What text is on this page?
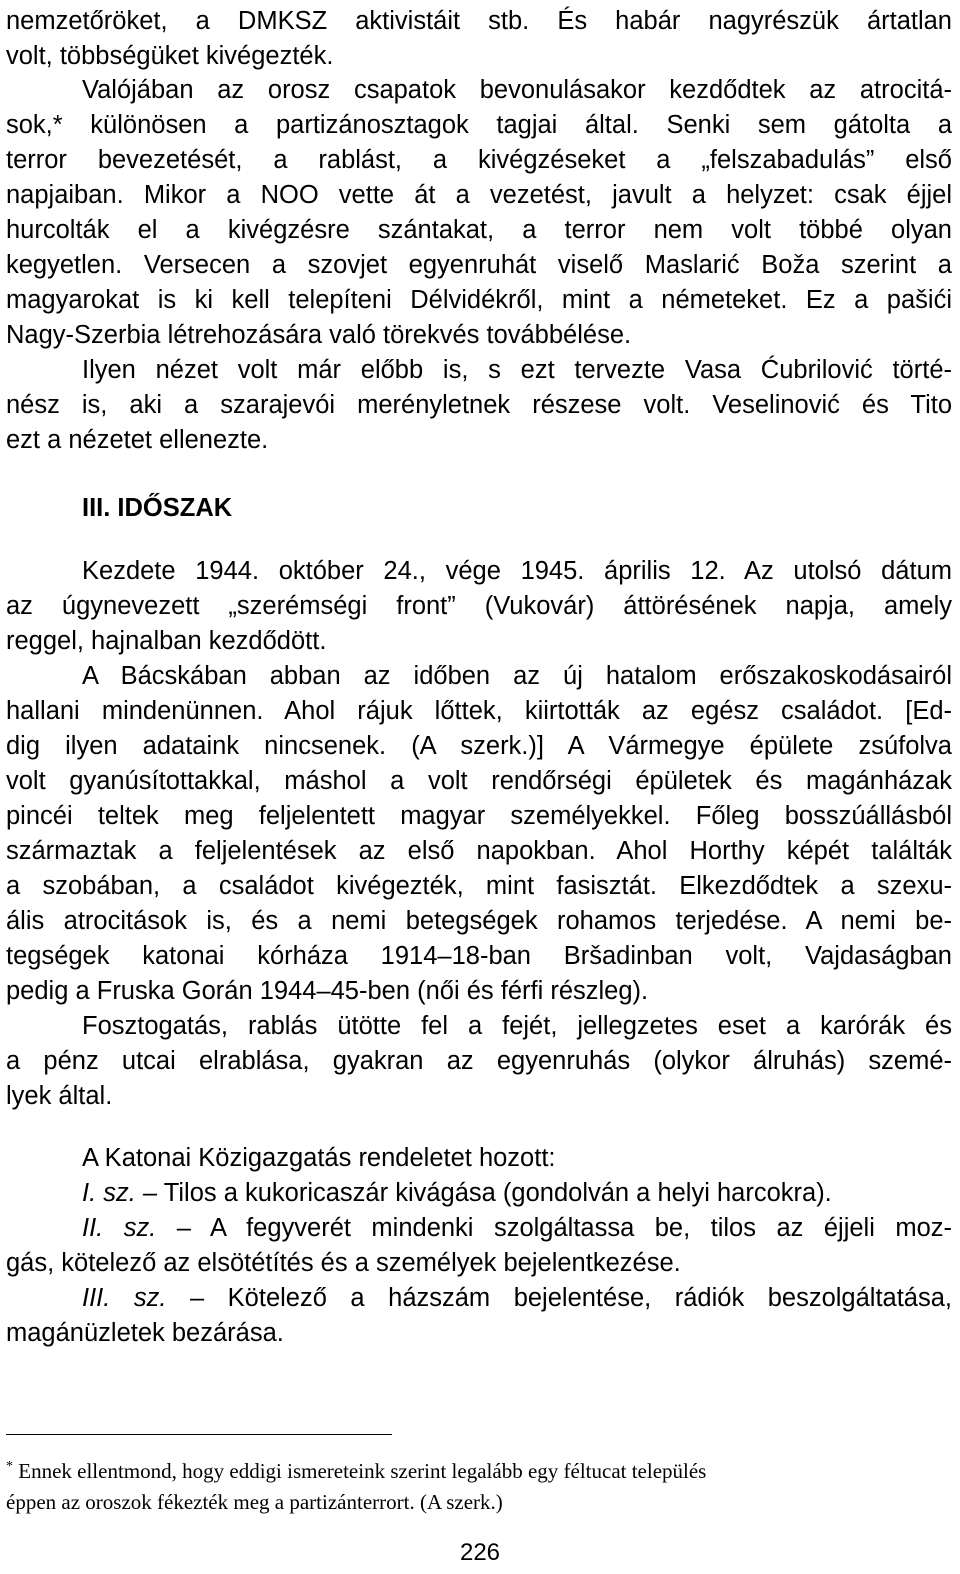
nemzetőröket, a DMKSZ aktivistáit stb. És habár nagyrészük ártatlan
volt, többségüket kivégezték.
Valójában az orosz csapatok bevonulásakor kezdődtek az atrocitá-
sok,* különösen a partizánosztagok tagjai által. Senki sem gátolta a
terror bevezetését, a rablást, a kivégzéseket a „felszabadulás” első
napjaiban. Mikor a NOO vette át a vezetést, javult a helyzet: csak éjjel
hurcolták el a kivégzésre szántakat, a terror nem volt többé olyan
kegyetlen. Versecen a szovjet egyenruhát viselő Maslarić Boža szerint a
magyarokat is ki kell telepíteni Délvidékről, mint a németeket. Ez a pašići
Nagy-Szerbia létrehozására való törekvés továbbélése.
Ilyen nézet volt már előbb is, s ezt tervezte Vasa Ćubrilović törté-
nész is, aki a szarajevói merényletnek részese volt. Veselinović és Tito
ezt a nézetet ellenezte.
III. IDŐSZAK
Kezdete 1944. október 24., vége 1945. április 12. Az utolsó dátum
az úgynevezett „szerémségi front” (Vukovár) áttörésének napja, amely
reggel, hajnalban kezdődött.
A Bácskában abban az időben az új hatalom erőszakoskodásairól
hallani mindenünnen. Ahol rájuk lőttek, kiirtották az egész családot. [Ed-
dig ilyen adataink nincsenek. (A szerk.)] A Vármegye épülete zsúfolva
volt gyanúsítottakkal, máshol a volt rendőrségi épületek és magánházak
pincéi teltek meg feljelentett magyar személyekkel. Főleg bosszúállásból
származtak a feljelentések az első napokban. Ahol Horthy képét találták
a szobában, a családot kivégezték, mint fasisztát. Elkezdődtek a szexu-
ális atrocitások is, és a nemi betegségek rohamos terjedése. A nemi be-
tegségek katonai kórháza 1914–18-ban Bršadinban volt, Vajdaságban
pedig a Fruska Gorán 1944–45-ben (női és férfi részleg).
Fosztogatás, rablás ütötte fel a fejét, jellegzetes eset a karórák és
a pénz utcai elrablása, gyakran az egyenruhás (olykor álruhás) szemé-
lyek által.
A Katonai Közigazgatás rendeletet hozott:
I. sz. – Tilos a kukoricaszár kivágása (gondolván a helyi harcokra).
II. sz. – A fegyverét mindenki szolgáltassa be, tilos az éjjeli moz-
gás, kötelező az elsötétítés és a személyek bejelentkezése.
III. sz. – Kötelező a házszám bejelentése, rádiók beszolgáltatása,
magánüzletek bezárása.
* Ennek ellentmond, hogy eddigi ismereteink szerint legalább egy féltucat település
éppen az oroszok fékezték meg a partizánterrort. (A szerk.)
226
